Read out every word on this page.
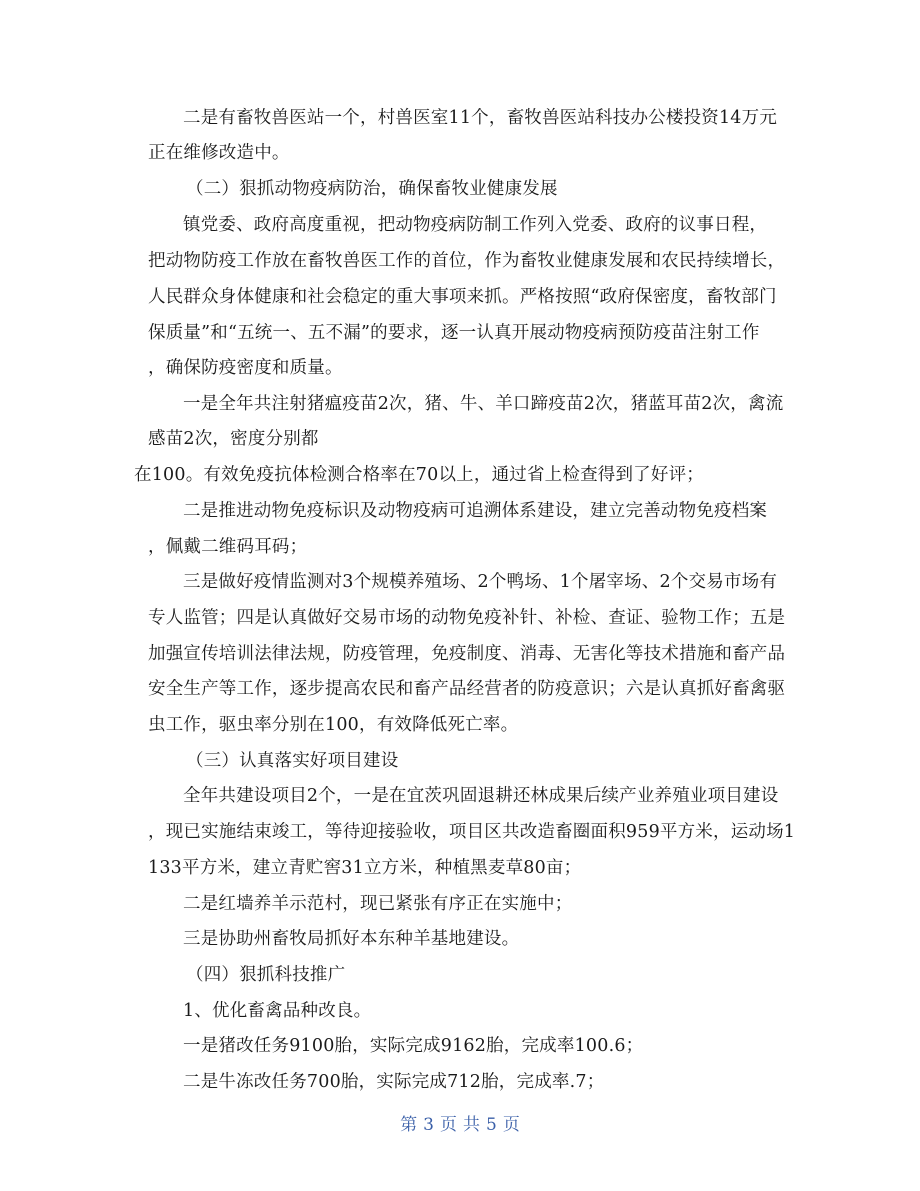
二是有畜牧兽医站一个，村兽医室11个，畜牧兽医站科技办公楼投资14万元

正在维修改造中。

（二）狠抓动物疫病防治，确保畜牧业健康发展

镇党委、政府高度重视，把动物疫病防制工作列入党委、政府的议事日程，

把动物防疫工作放在畜牧兽医工作的首位，作为畜牧业健康发展和农民持续增长，

人民群众身体健康和社会稳定的重大事项来抓。严格按照“政府保密度，畜牧部门

保质量”和“五统一、五不漏”的要求，逐一认真开展动物疫病预防疫苗注射工作

，确保防疫密度和质量。

一是全年共注射猪瘟疫苗2次，猪、牛、羊口蹄疫苗2次，猪蓝耳苗2次，禽流

感苗2次，密度分别都

在100。有效免疫抗体检测合格率在70以上，通过省上检查得到了好评；

二是推进动物免疫标识及动物疫病可追溯体系建设，建立完善动物免疫档案

，佩戴二维码耳码；

三是做好疫情监测对3个规模养殖场、2个鸭场、1个屠宰场、2个交易市场有

专人监管；四是认真做好交易市场的动物免疫补针、补检、查证、验物工作；五是

加强宣传培训法律法规，防疫管理，免疫制度、消毒、无害化等技术措施和畜产品

安全生产等工作，逐步提高农民和畜产品经营者的防疫意识；六是认真抓好畜禽驱

虫工作，驱虫率分别在100，有效降低死亡率。

（三）认真落实好项目建设

全年共建设项目2个，一是在宜茨巩固退耕还林成果后续产业养殖业项目建设

，现已实施结束竣工，等待迎接验收，项目区共改造畜圈面积959平方米，运动场1

133平方米，建立青贮窖31立方米，种植黑麦草80亩；

二是红墙养羊示范村，现已紧张有序正在实施中；

三是协助州畜牧局抓好本东种羊基地建设。

（四）狠抓科技推广

1、优化畜禽品种改良。

一是猪改任务9100胎，实际完成9162胎，完成率100.6；

二是牛冻改任务700胎，实际完成712胎，完成率.7；

第 3 页 共 5 页
